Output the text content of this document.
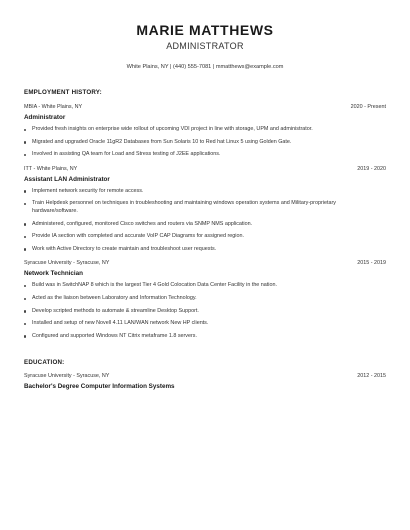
MARIE MATTHEWS
ADMINISTRATOR
White Plains, NY | (440) 555-7081 | mmatthews@example.com
EMPLOYMENT HISTORY:
MBIA - White Plains, NY	2020 - Present
Administrator
Provided fresh insights on enterprise wide rollout of upcoming VDI project in line with storage, UPM and administrator.
Migrated and upgraded Oracle 11gR2 Databases from Sun Solaris 10 to Red hat Linux 5 using Golden Gate.
Involved in assisting QA team for Load and Stress testing of J2EE applications.
ITT - White Plains, NY	2019 - 2020
Assistant LAN Administrator
Implement network security for remote access.
Train Helpdesk personnel on techniques in troubleshooting and maintaining windows operation systems and Military-proprietary hardware/software.
Administered, configured, monitored Cisco switches and routers via SNMP NMS application.
Provide IA section with completed and accurate VoIP CAP Diagrams for assigned region.
Work with Active Directory to create maintain and troubleshoot user requests.
Syracuse University - Syracuse, NY	2015 - 2019
Network Technician
Build was in SwitchNAP 8 which is the largest Tier 4 Gold Colocation Data Center Facility in the nation.
Acted as the liaison between Laboratory and Information Technology.
Develop scripted methods to automate & streamline Desktop Support.
Installed and setup of new Novell 4.11 LAN/WAN network New HP clients.
Configured and supported Windows NT Citrix metaframe 1.8 servers.
EDUCATION:
Syracuse University - Syracuse, NY	2012 - 2015
Bachelor's Degree Computer Information Systems
